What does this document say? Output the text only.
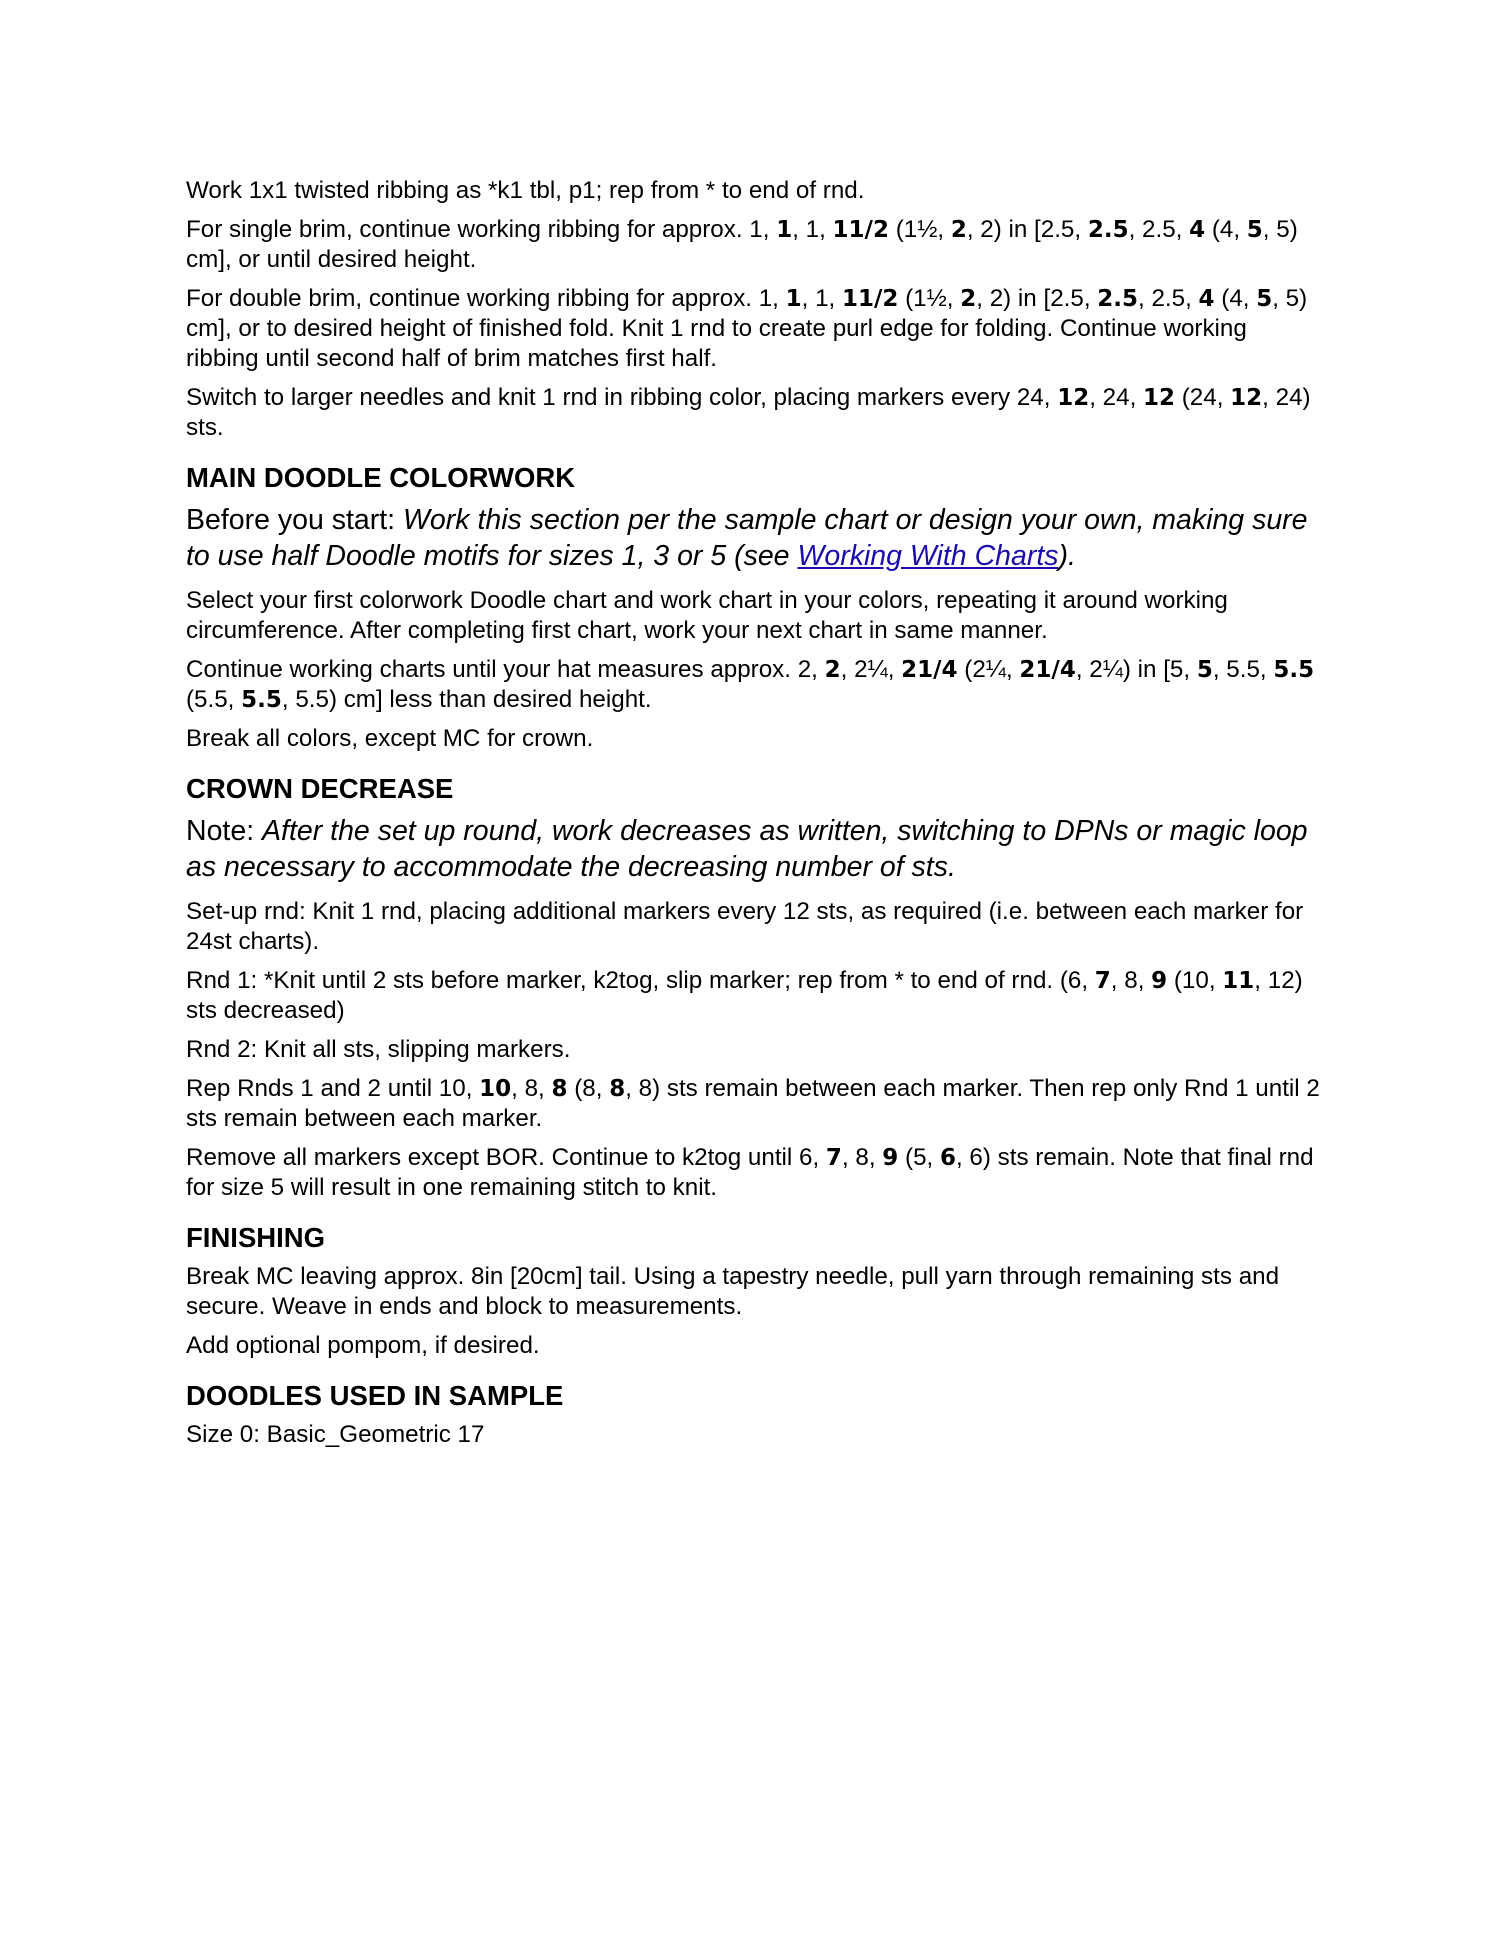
Work 1x1 twisted ribbing as *k1 tbl, p1; rep from * to end of rnd.

For single brim, continue working ribbing for approx. 1, 1, 1, 11/2 (1½, 2, 2) in [2.5, 2.5, 2.5, 4 (4, 5, 5) cm], or until desired height.

For double brim, continue working ribbing for approx. 1, 1, 1, 11/2 (1½, 2, 2) in [2.5, 2.5, 2.5, 4 (4, 5, 5) cm], or to desired height of finished fold. Knit 1 rnd to create purl edge for folding. Continue working ribbing until second half of brim matches first half.

Switch to larger needles and knit 1 rnd in ribbing color, placing markers every 24, 12, 24, 12 (24, 12, 24) sts.

MAIN DOODLE COLORWORK

Before you start: Work this section per the sample chart or design your own, making sure to use half Doodle motifs for sizes 1, 3 or 5 (see Working With Charts).

Select your first colorwork Doodle chart and work chart in your colors, repeating it around working circumference. After completing first chart, work your next chart in same manner.

Continue working charts until your hat measures approx. 2, 2, 2¼, 21/4 (2¼, 21/4, 2¼) in [5, 5, 5.5, 5.5 (5.5, 5.5, 5.5) cm] less than desired height.

Break all colors, except MC for crown.

CROWN DECREASE

Note: After the set up round, work decreases as written, switching to DPNs or magic loop as necessary to accommodate the decreasing number of sts.

Set-up rnd: Knit 1 rnd, placing additional markers every 12 sts, as required (i.e. between each marker for 24st charts).

Rnd 1: *Knit until 2 sts before marker, k2tog, slip marker; rep from * to end of rnd. (6, 7, 8, 9 (10, 11, 12) sts decreased)

Rnd 2: Knit all sts, slipping markers.

Rep Rnds 1 and 2 until 10, 10, 8, 8 (8, 8, 8) sts remain between each marker. Then rep only Rnd 1 until 2 sts remain between each marker.

Remove all markers except BOR. Continue to k2tog until 6, 7, 8, 9 (5, 6, 6) sts remain. Note that final rnd for size 5 will result in one remaining stitch to knit.

FINISHING

Break MC leaving approx. 8in [20cm] tail. Using a tapestry needle, pull yarn through remaining sts and secure. Weave in ends and block to measurements.

Add optional pompom, if desired.

DOODLES USED IN SAMPLE

Size 0: Basic_Geometric 17
